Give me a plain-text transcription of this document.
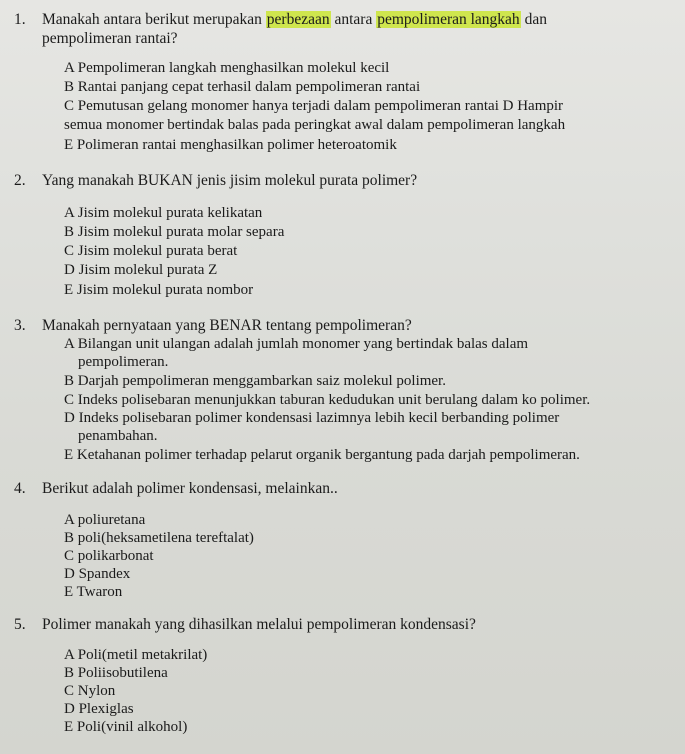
1. Manakah antara berikut merupakan perbezaan antara pempolimeran langkah dan
pempolimeran rantai?
A Pempolimeran langkah menghasilkan molekul kecil
B Rantai panjang cepat terhasil dalam pempolimeran rantai
C Pemutusan gelang monomer hanya terjadi dalam pempolimeran rantai D Hampir
semua monomer bertindak balas pada peringkat awal dalam pempolimeran langkah
E Polimeran rantai menghasilkan polimer heteroatomik
2. Yang manakah BUKAN jenis jisim molekul purata polimer?
A Jisim molekul purata kelikatan
B Jisim molekul purata molar separa
C Jisim molekul purata berat
D Jisim molekul purata Z
E Jisim molekul purata nombor
3. Manakah pernyataan yang BENAR tentang pempolimeran?
A Bilangan unit ulangan adalah jumlah monomer yang bertindak balas dalam
pempolimeran.
B Darjah pempolimeran menggambarkan saiz molekul polimer.
C Indeks polisebaran menunjukkan taburan kedudukan unit berulang dalam ko polimer.
D Indeks polisebaran polimer kondensasi lazimnya lebih kecil berbanding polimer
penambahan.
E Ketahanan polimer terhadap pelarut organik bergantung pada darjah pempolimeran.
4. Berikut adalah polimer kondensasi, melainkan..
A poliuretana
B poli(heksametilena tereftalat)
C polikarbonat
D Spandex
E Twaron
5. Polimer manakah yang dihasilkan melalui pempolimeran kondensasi?
A Poli(metil metakrilat)
B Poliisobutilena
C Nylon
D Plexiglas
E Poli(vinil alkohol)
